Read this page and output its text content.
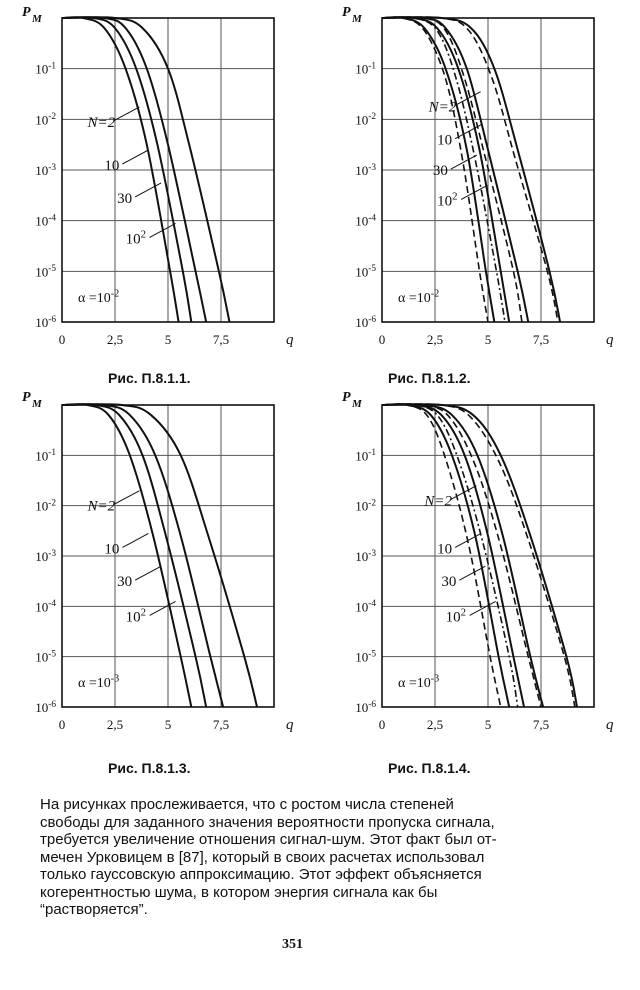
$10^{-1}$
$10^{-2}$
$10^{-3}$
$10^{-4}$
$10^{-5}$
$10^{-6}$
P M
0	2,5	5	7,5	q
$\alpha =10^{-2}$
N=2
10
30
$10^2$
$10^{-1}$
$10^{-2}$
$10^{-3}$
$10^{-4}$
$10^{-5}$
$10^{-6}$
P M
0	2,5	5	7,5	q
$\alpha =10^{-2}$
N=2
10
30
$10^2$
$10^{-1}$
$10^{-2}$
$10^{-3}$
$10^{-4}$
$10^{-5}$
$10^{-6}$
P M
0	2,5	5	7,5	q
$\alpha =10^{-3}$
N=2
10
30
$10^2$
$10^{-1}$
$10^{-2}$
$10^{-3}$
$10^{-4}$
$10^{-5}$
$10^{-6}$
P M
0	2,5	5	7,5	q
$\alpha =10^{-3}$
N=2
10
30
$10^2$
Рис. П.8.1.1.	Рис. П.8.1.2.
Рис. П.8.1.3.	Рис. П.8.1.4.

На рисунках прослеживается, что с ростом числа степеней
свободы для заданного значения вероятности пропуска сигнала,
требуется увеличение отношения сигнал-шум. Этот факт был от-
мечен Урковицем в [87], который в своих расчетах использовал
только гауссовскую аппроксимацию. Этот эффект объясняется
когерентностью шума, в котором энергия сигнала как бы
“растворяется”.

351
